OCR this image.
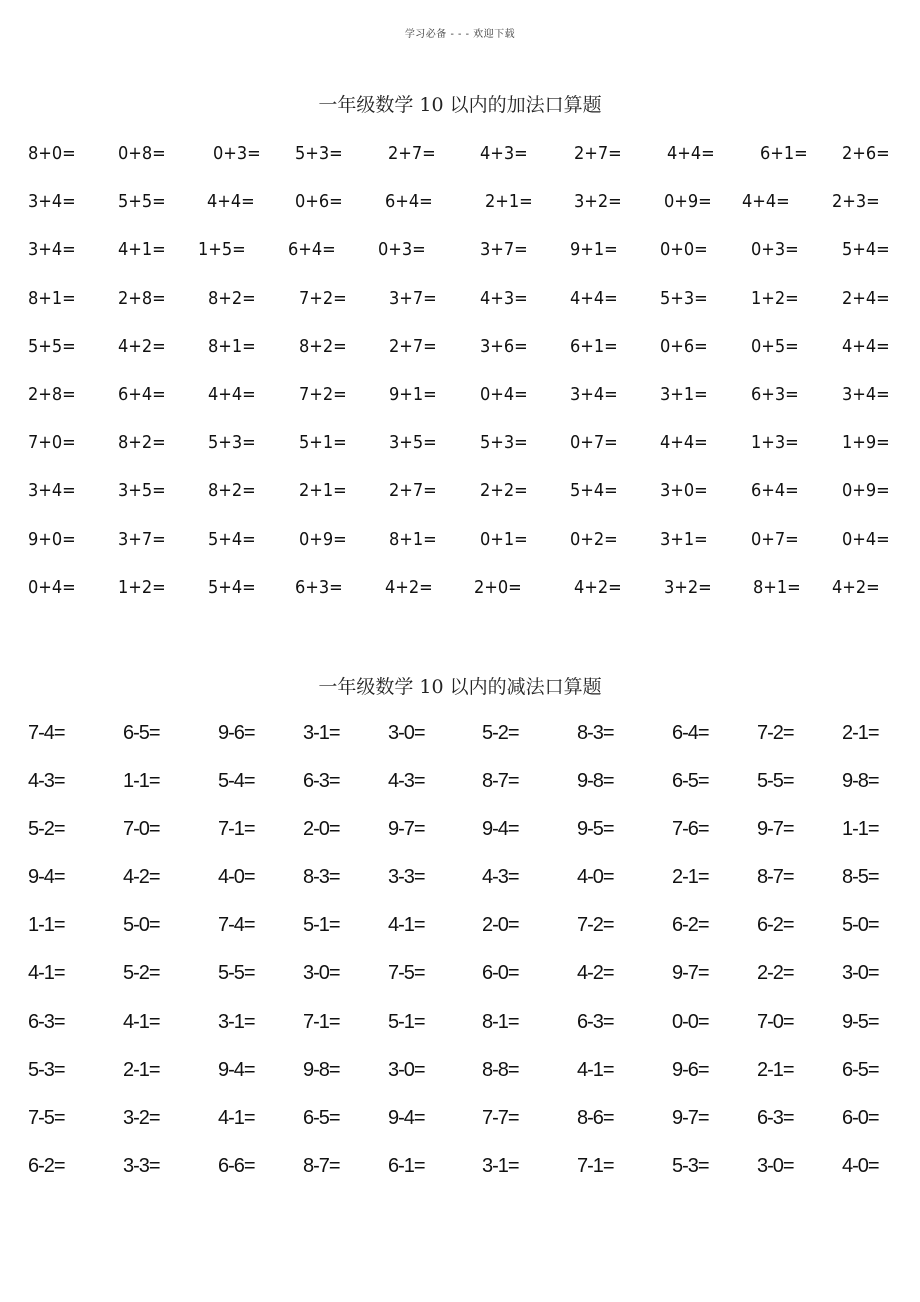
学习必备 - - - 欢迎下载
一年级数学 10 以内的加法口算题
8+0= 0+8=	0+3= 5+3=	2+7= 4+3=	2+7=	4+4=	6+1= 2+6=
3+4= 5+5= 4+4= 0+6= 6+4=	2+1= 3+2= 0+9= 4+4= 2+3=
3+4= 4+1= 1+5= 6+4= 0+3=	3+7= 9+1= 0+0= 0+3= 5+4=
8+1= 2+8= 8+2= 7+2= 3+7= 4+3= 4+4= 5+3= 1+2= 2+4=
5+5= 4+2= 8+1= 8+2= 2+7= 3+6= 6+1= 0+6= 0+5= 4+4=
2+8= 6+4= 4+4= 7+2= 9+1= 0+4= 3+4= 3+1= 6+3= 3+4=
7+0= 8+2= 5+3= 5+1= 3+5= 5+3= 0+7= 4+4= 1+3= 1+9=
3+4= 3+5= 8+2= 2+1= 2+7= 2+2= 5+4= 3+0= 6+4= 0+9=
9+0= 3+7= 5+4= 0+9= 8+1= 0+1= 0+2= 3+1= 0+7= 0+4=
0+4= 1+2= 5+4= 6+3= 4+2= 2+0=	4+2= 3+2= 8+1= 4+2=
一年级数学 10 以内的减法口算题
7-4=	6-5=	9-6= 3-1= 3-0=	5-2=	8-3=	6-4= 7-2= 2-1=
4-3=	1-1=	5-4= 6-3= 4-3=	8-7=	9-8=	6-5= 5-5= 9-8=
5-2=	7-0=	7-1= 2-0= 9-7=	9-4=	9-5=	7-6= 9-7= 1-1=
9-4=	4-2=	4-0= 8-3= 3-3=	4-3=	4-0=	2-1= 8-7= 8-5=
1-1=	5-0=	7-4= 5-1= 4-1=	2-0=	7-2=	6-2= 6-2= 5-0=
4-1=	5-2=	5-5= 3-0= 7-5=	6-0=	4-2=	9-7= 2-2= 3-0=
6-3=	4-1=	3-1= 7-1= 5-1=	8-1=	6-3=	0-0= 7-0= 9-5=
5-3=	2-1=	9-4= 9-8= 3-0=	8-8=	4-1=	9-6= 2-1= 6-5=
7-5=	3-2=	4-1= 6-5= 9-4=	7-7=	8-6=	9-7= 6-3= 6-0=
6-2=	3-3=	6-6= 8-7= 6-1=	3-1=	7-1=	5-3= 3-0= 4-0=
